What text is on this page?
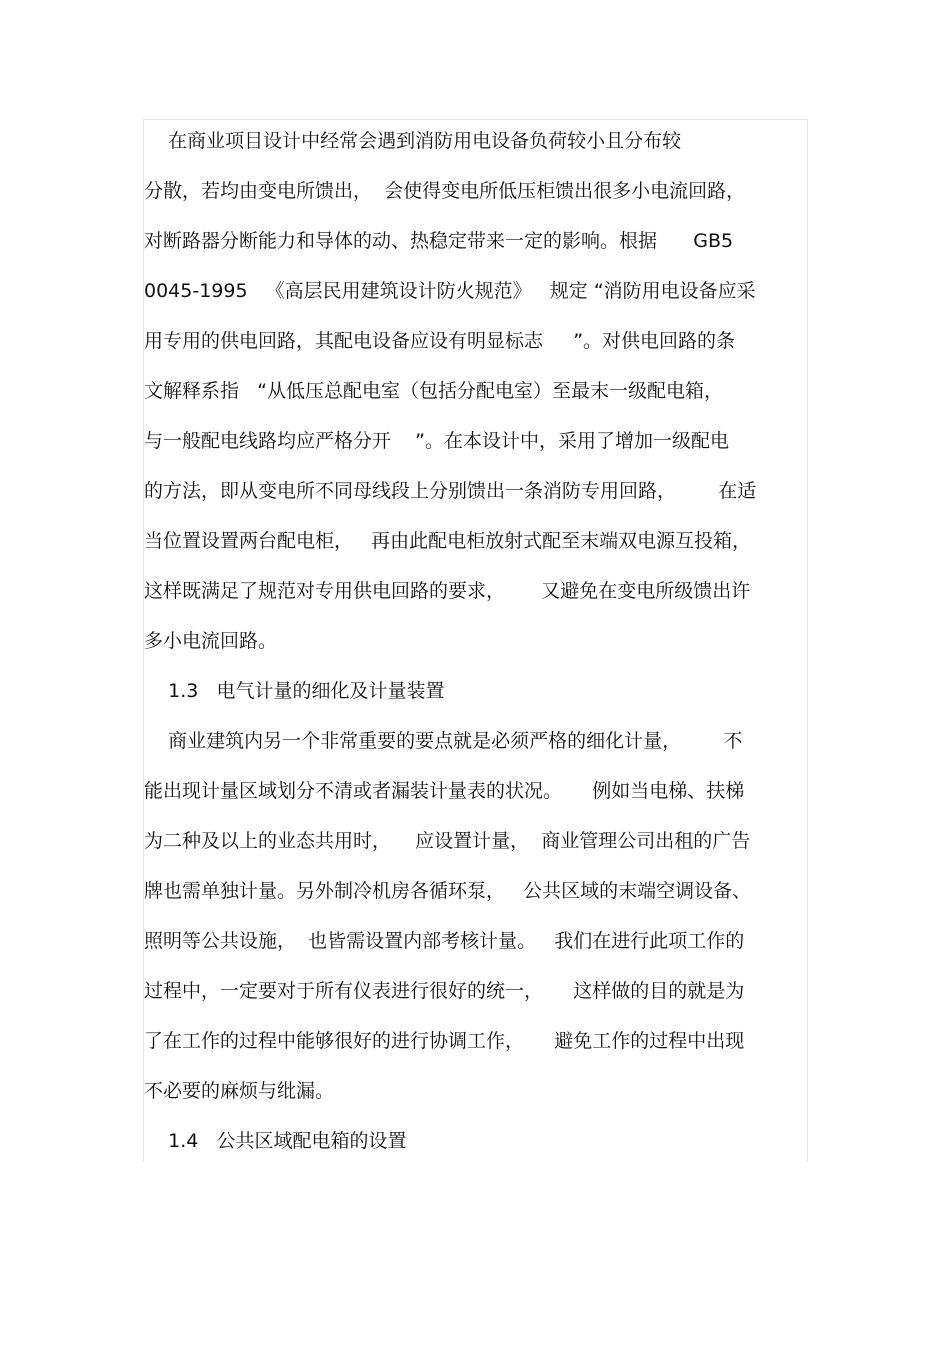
在商业项目设计中经常会遇到消防用电设备负荷较小且分布较

分散，若均由变电所馈出，  会使得变电所低压柜馈出很多小电流回路，

对断路器分断能力和导体的动、热稳定带来一定的影响。根据      GB5

0045-1995   《高层民用建筑设计防火规范》   规定 “消防用电设备应采

用专用的供电回路，其配电设备应设有明显标志     ”。对供电回路的条

文解释系指   “从低压总配电室（包括分配电室）至最末一级配电箱，

与一般配电线路均应严格分开    ”。在本设计中，采用了增加一级配电

的方法，即从变电所不同母线段上分别馈出一条消防专用回路，       在适

当位置设置两台配电柜，   再由此配电柜放射式配至末端双电源互投箱，

这样既满足了规范对专用供电回路的要求，      又避免在变电所级馈出许

多小电流回路。

1.3   电气计量的细化及计量装置

商业建筑内另一个非常重要的要点就是必须严格的细化计量，       不

能出现计量区域划分不清或者漏装计量表的状况。     例如当电梯、扶梯

为二种及以上的业态共用时，    应设置计量，  商业管理公司出租的广告

牌也需单独计量。另外制冷机房各循环泵，   公共区域的末端空调设备、

照明等公共设施，  也皆需设置内部考核计量。   我们在进行此项工作的

过程中，一定要对于所有仪表进行很好的统一，     这样做的目的就是为

了在工作的过程中能够很好的进行协调工作，     避免工作的过程中出现

不必要的麻烦与纰漏。

1.4   公共区域配电箱的设置
